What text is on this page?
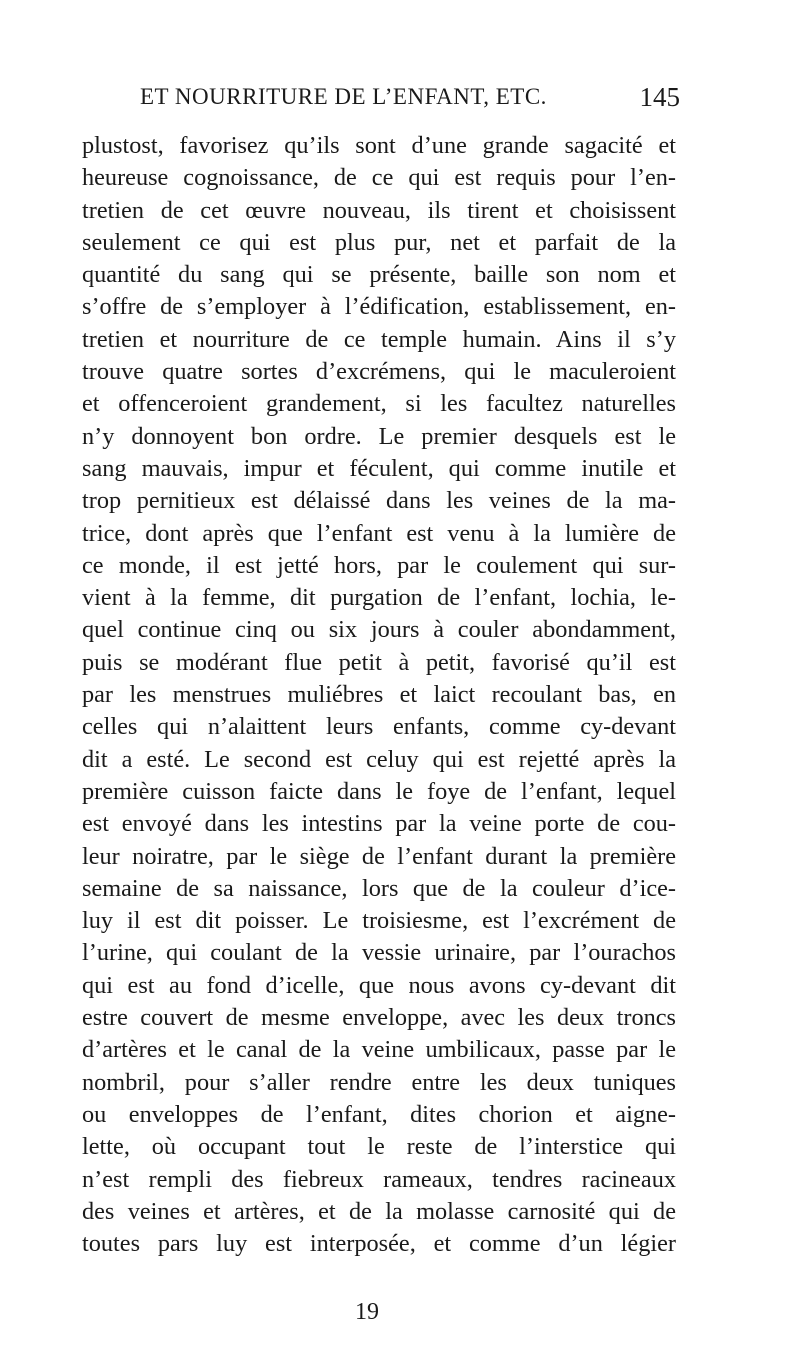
ET NOURRITURE DE L’ENFANT, ETC.	145
plustost, favorisez qu’ils sont d’une grande sagacité et
heureuse cognoissance, de ce qui est requis pour l’en-
tretien de cet œuvre nouveau, ils tirent et choisissent
seulement ce qui est plus pur, net et parfait de la
quantité du sang qui se présente, baille son nom et
s’offre de s’employer à l’édification, establissement, en-
tretien et nourriture de ce temple humain. Ains il s’y
trouve quatre sortes d’excrémens, qui le maculeroient
et offenceroient grandement, si les facultez naturelles
n’y donnoyent bon ordre. Le premier desquels est le
sang mauvais, impur et féculent, qui comme inutile et
trop pernitieux est délaissé dans les veines de la ma-
trice, dont après que l’enfant est venu à la lumière de
ce monde, il est jetté hors, par le coulement qui sur-
vient à la femme, dit purgation de l’enfant, lochia, le-
quel continue cinq ou six jours à couler abondamment,
puis se modérant flue petit à petit, favorisé qu’il est
par les menstrues muliébres et laict recoulant bas, en
celles qui n’alaittent leurs enfants, comme cy-devant
dit a esté. Le second est celuy qui est rejetté après la
première cuisson faicte dans le foye de l’enfant, lequel
est envoyé dans les intestins par la veine porte de cou-
leur noiratre, par le siège de l’enfant durant la première
semaine de sa naissance, lors que de la couleur d’ice-
luy il est dit poisser. Le troisiesme, est l’excrément de
l’urine, qui coulant de la vessie urinaire, par l’ourachos
qui est au fond d’icelle, que nous avons cy-devant dit
estre couvert de mesme enveloppe, avec les deux troncs
d’artères et le canal de la veine umbilicaux, passe par le
nombril, pour s’aller rendre entre les deux tuniques
ou enveloppes de l’enfant, dites chorion et aigne-
lette, où occupant tout le reste de l’interstice qui
n’est rempli des fiebreux rameaux, tendres racineaux
des veines et artères, et de la molasse carnosité qui de
toutes pars luy est interposée, et comme d’un légier
19
